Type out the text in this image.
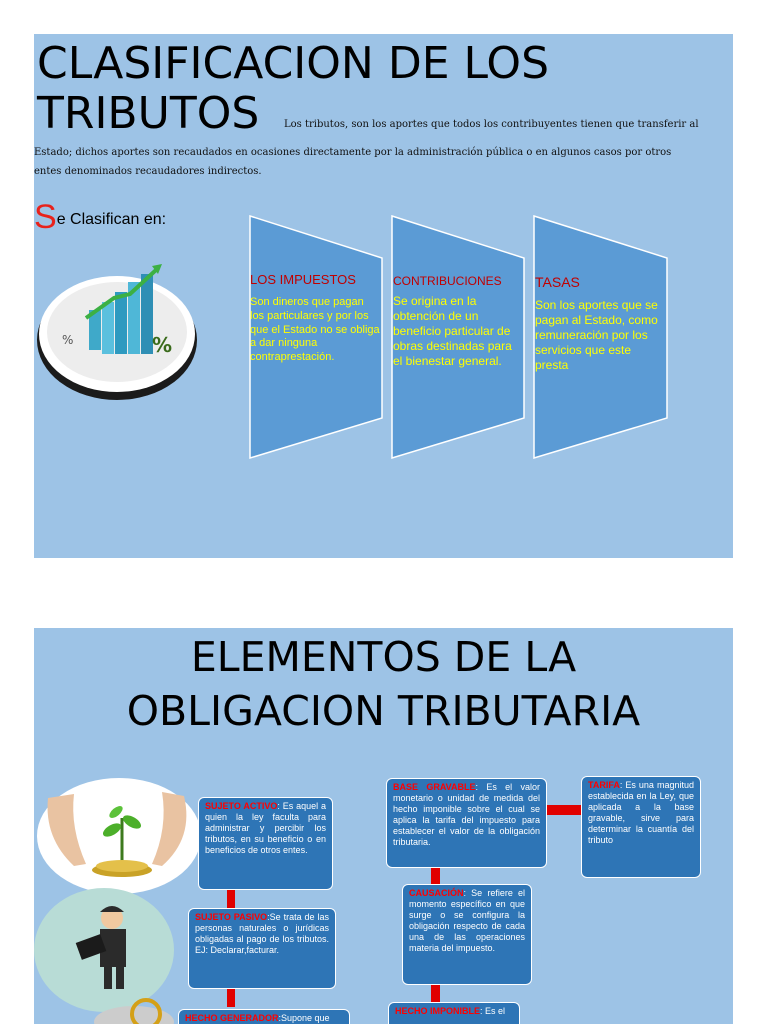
CLASIFICACION DE LOS
TRIBUTOS Los tributos, son los aportes que todos los contribuyentes tienen que transferir al
Estado; dichos aportes son recaudados en ocasiones directamente por la administración pública o en algunos casos por otros
entes denominados recaudadores indirectos.
Se Clasifican en:
%	%
LOS IMPUESTOS
Son dineros que pagan los particulares y por los que el Estado no se obliga a dar ninguna contraprestación.
CONTRIBUCIONES
Se origina en la obtención de un beneficio particular de obras destinadas para el bienestar general.
TASAS
Son los aportes que se pagan al Estado, como remuneración por los servicios que este presta
ELEMENTOS DE LA
OBLIGACION TRIBUTARIA
SUJETO ACTIVO: Es aquel a quien la ley faculta para administrar y percibir los tributos, en su beneficio o en beneficios de otros entes.
SUJETO PASIVO:Se trata de las personas naturales o jurídicas obligadas al pago de los tributos. EJ: Declarar,facturar.
HECHO GENERADOR:Supone que
BASE GRAVABLE: Es el valor monetario o unidad de medida del hecho imponible sobre el cual se aplica la tarifa del impuesto para establecer el valor de la obligación tributaria.
CAUSACIÓN: Se refiere el momento específico en que surge o se configura la obligación respecto de cada una de las operaciones materia del impuesto.
HECHO IMPONIBLE: Es el
TARIFA: Es una magnitud establecida en la Ley, que aplicada a la base gravable, sirve para determinar la cuantía del tributo
